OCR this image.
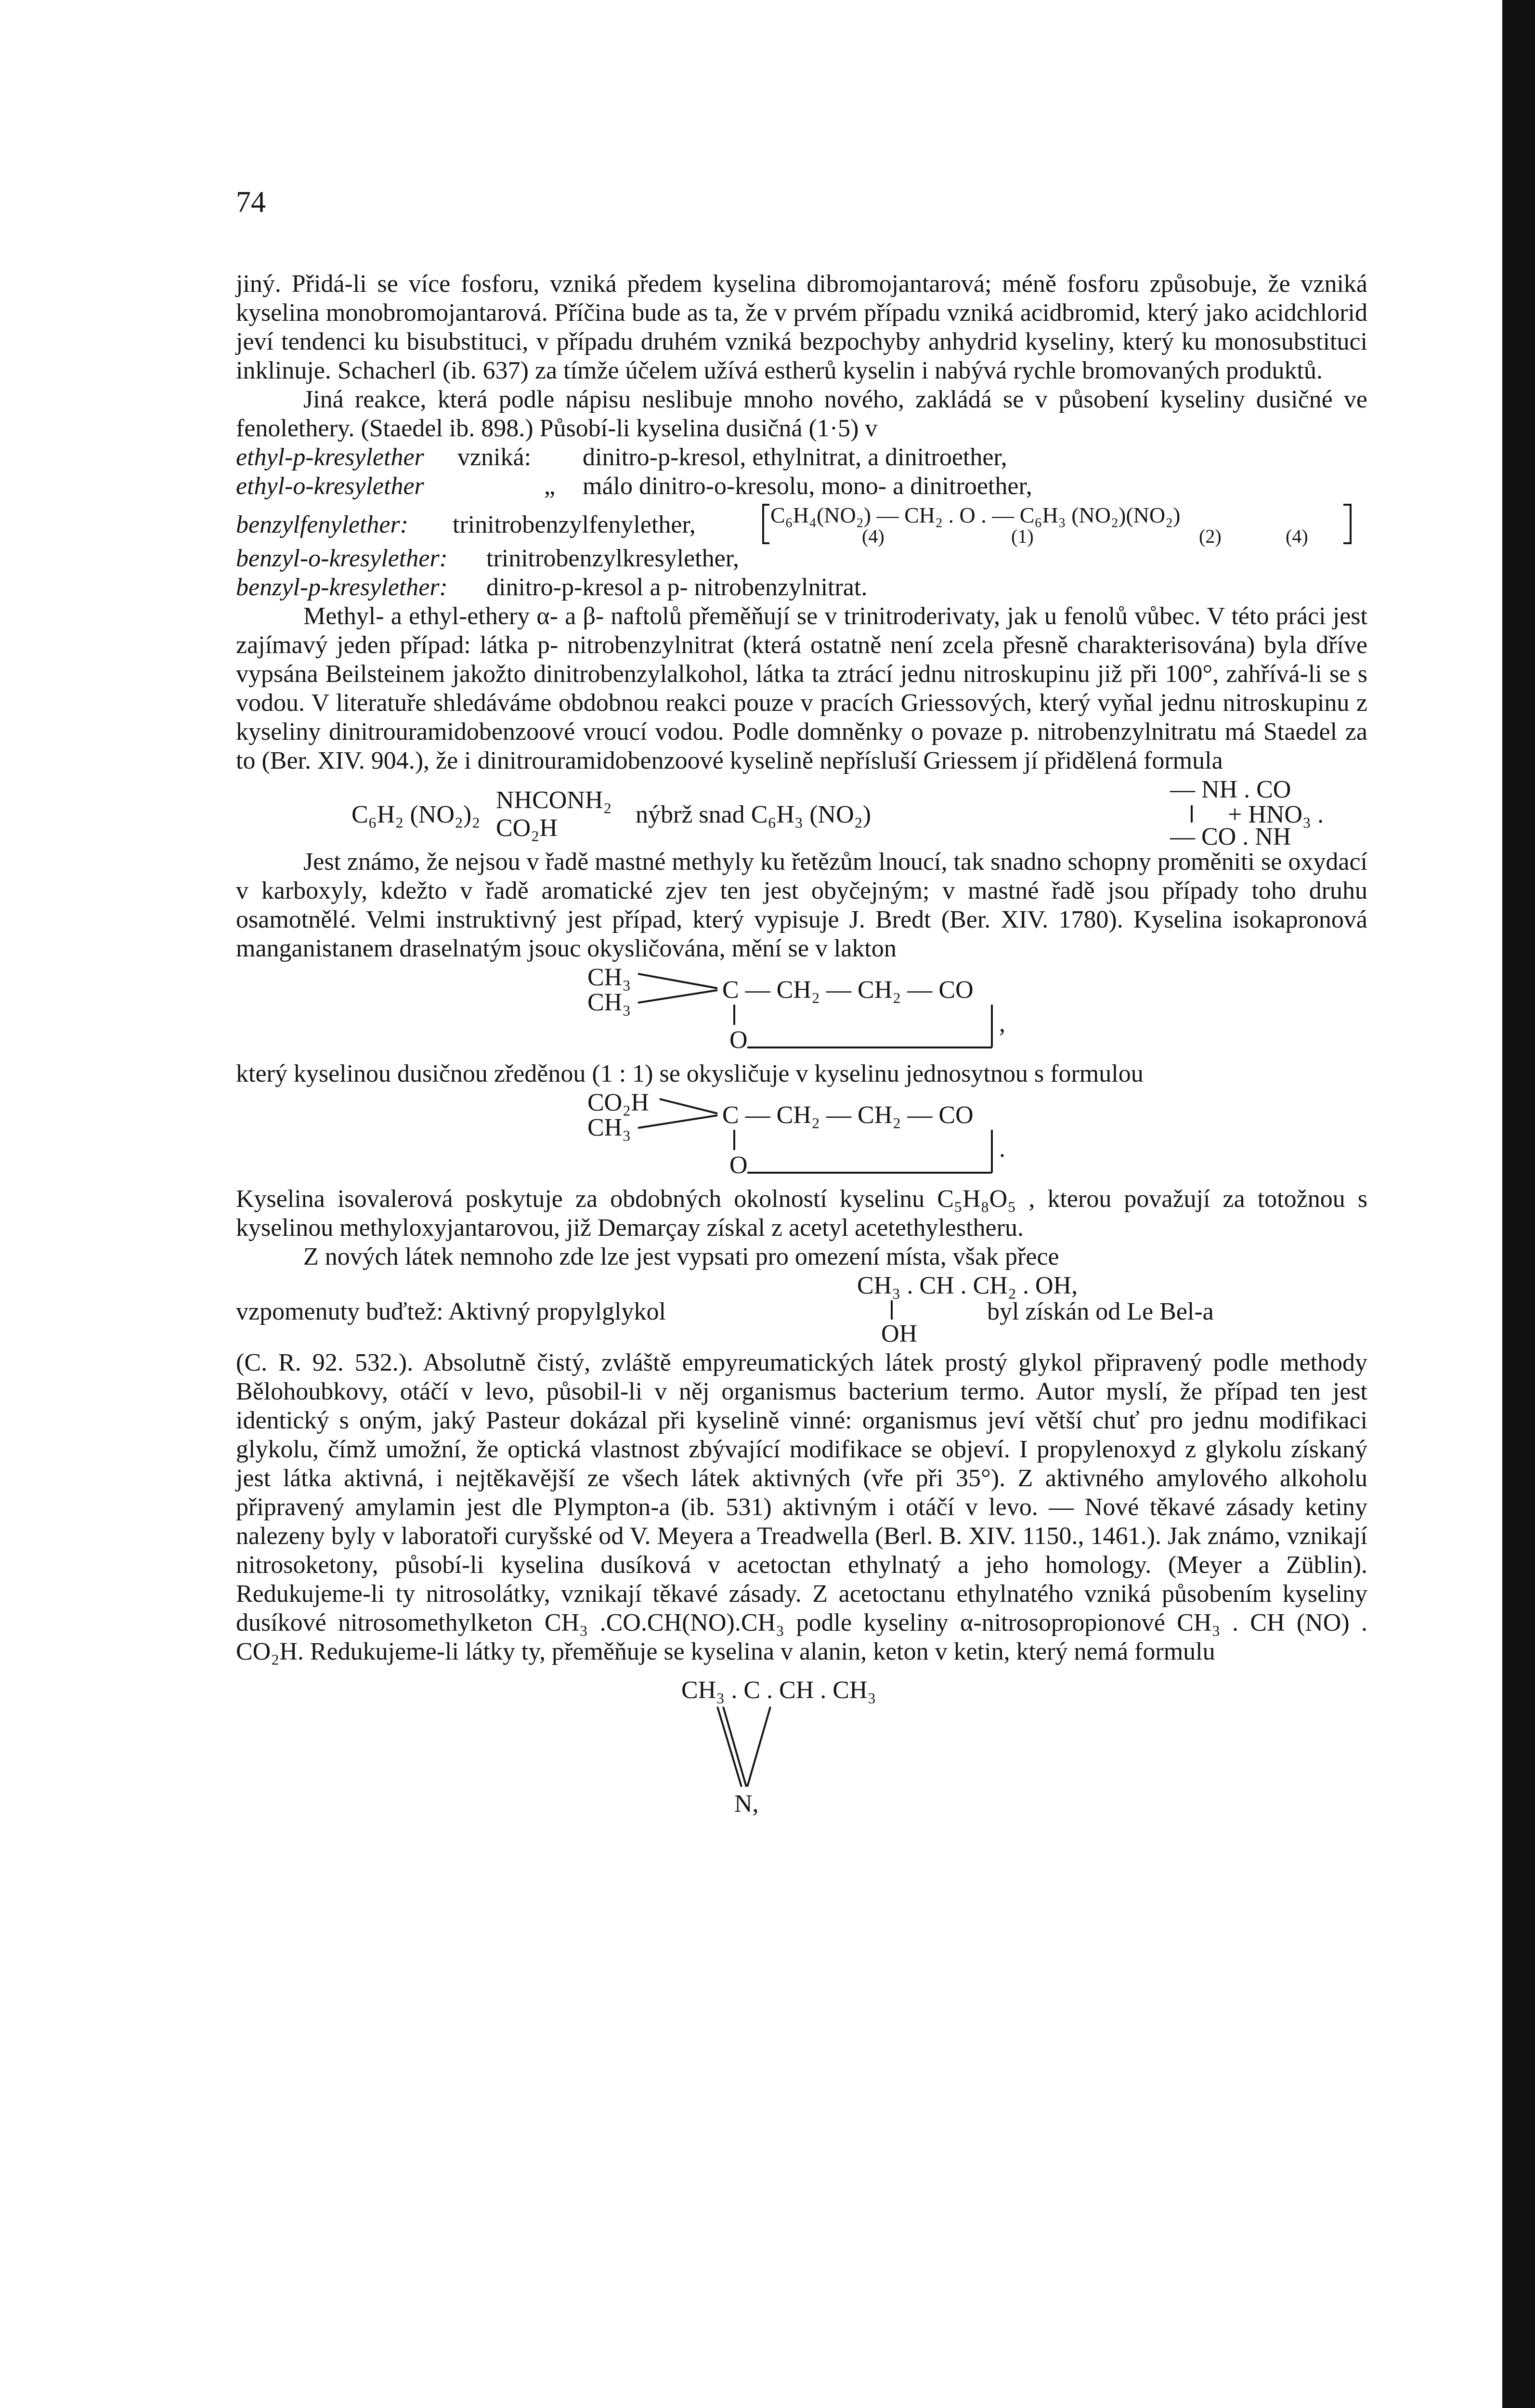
74

jiný. Přidá-li se více fosforu, vzniká předem kyselina dibromojantarová; méně fosforu způsobuje, že vzniká kyselina monobromojantarová. Příčina bude as ta, že v prvém případu vzniká acidbromid, který jako acidchlorid jeví tendenci ku bisubstituci, v případu druhém vzniká bezpochyby anhydrid kyseliny, který ku monosubstituci inklinuje. Schacherl (ib. 637) za tímže účelem užívá estherů kyselin i nabývá rychle bromovaných produktů.

Jiná reakce, která podle nápisu neslibuje mnoho nového, zakládá se v působení kyseliny dusičné ve fenolethery. (Staedel ib. 898.) Působí-li kyselina dusičná (1·5) v

ethyl-p-kresylether vzniká: dinitro-p-kresol, ethylnitrat, a dinitroether,
ethyl-o-kresylether	„ málo dinitro-o-kresolu, mono- a dinitroether,
benzylfenylether: trinitrobenzylfenylether,	C₆H₄(NO₂) — CH₂ . O . — C₆H₃ (NO₂)(NO₂)
(4)	(1)	(2)	(4)
benzyl-o-kresylether: trinitrobenzylkresylether,
benzyl-p-kresylether: dinitro-p-kresol a p- nitrobenzylnitrat.

Methyl- a ethyl-ethery α- a β- naftolů přeměňují se v trinitroderivaty, jak u fenolů vůbec. V této práci jest zajímavý jeden případ: látka p- nitrobenzylnitrat (která ostatně není zcela přesně charakterisována) byla dříve vypsána Beilsteinem jakožto dinitrobenzylalkohol, látka ta ztrácí jednu nitroskupinu již při 100°, zahřívá-li se s vodou. V literatuře shledáváme obdobnou reakci pouze v pracích Griessových, který vyňal jednu nitroskupinu z kyseliny dinitrouramidobenzoové vroucí vodou. Podle domněnky o povaze p. nitrobenzylnitratu má Staedel za to (Ber. XIV. 904.), že i dinitrouramidobenzoové kyselině nepřísluší Griessem jí přidělená formula

— NH . CO
C₆H₂ (NO₂)₂
NHCONH₂
CO₂H	nýbrž snad C₆H₃ (NO₂)	+ HNO₃ .
— CO . NH

Jest známo, že nejsou v řadě mastné methyly ku řetězům lnoucí, tak snadno schopny proměniti se oxydací v karboxyly, kdežto v řadě aromatické zjev ten jest obyčejným; v mastné řadě jsou případy toho druhu osamotnělé. Velmi instruktivný jest případ, který vypisuje J. Bredt (Ber. XIV. 1780). Kyselina isokapronová manganistanem draselnatým jsouc okysličována, mění se v lakton

CH₃
CH₃	C — CH₂ — CH₂ — CO
O
,

který kyselinou dusičnou zředěnou (1 : 1) se okysličuje v kyselinu jednosytnou s formulou

CO₂H
CH₃	C — CH₂ — CH₂ — CO
O
.

Kyselina isovalerová poskytuje za obdobných okolností kyselinu C₅H₈O₅ , kterou považují za totožnou s kyselinou methyloxyjantarovou, již Demarçay získal z acetyl acetethylestheru.

Z nových látek nemnoho zde lze jest vypsati pro omezení místa, však přece

CH₃ . CH . CH₂ . OH,
vzpomenuty buďtež: Aktivný propylglykol	byl získán od Le Bel-a
OH

(C. R. 92. 532.). Absolutně čistý, zvláště empyreumatických látek prostý glykol připravený podle methody Bělohoubkovy, otáčí v levo, působil-li v něj organismus bacterium termo. Autor myslí, že případ ten jest identický s oným, jaký Pasteur dokázal při kyselině vinné: organismus jeví větší chuť pro jednu modifikaci glykolu, čímž umožní, že optická vlastnost zbývající modifikace se objeví. I propylenoxyd z glykolu získaný jest látka aktivná, i nejtěkavější ze všech látek aktivných (vře při 35°). Z aktivného amylového alkoholu připravený amylamin jest dle Plympton-a (ib. 531) aktivným i otáčí v levo. — Nové těkavé zásady ketiny nalezeny byly v laboratoři curyšské od V. Meyera a Treadwella (Berl. B. XIV. 1150., 1461.). Jak známo, vznikají nitrosoketony, působí-li kyselina dusíková v acetoctan ethylnatý a jeho homology. (Meyer a Züblin). Redukujeme-li ty nitrosolátky, vznikají těkavé zásady. Z acetoctanu ethylnatého vzniká působením kyseliny dusíkové nitrosomethylketon CH₃ .CO.CH(NO).CH₃ podle kyseliny α-nitrosopropionové CH₃ . CH (NO) . CO₂H. Redukujeme-li látky ty, přeměňuje se kyselina v alanin, keton v ketin, který nemá formulu

CH₃ . C . CH . CH₃
N,
